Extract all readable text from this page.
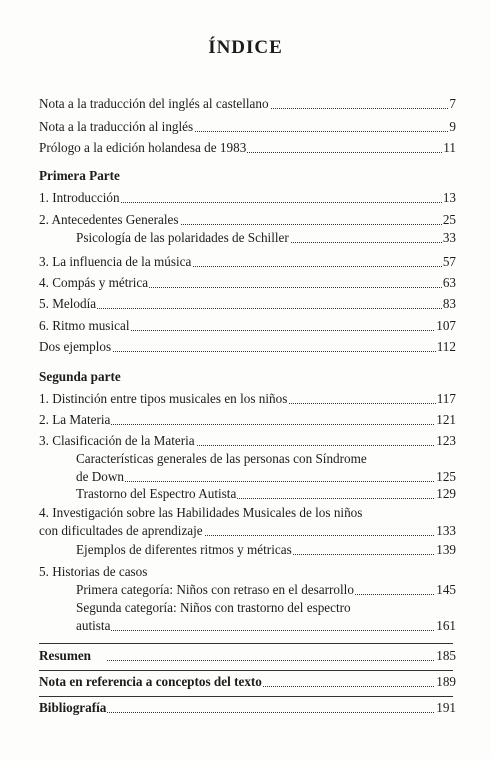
ÍNDICE
Nota a la traducción del inglés al castellano	7
Nota a la traducción al inglés	9
Prólogo a la edición holandesa de 1983	11
Primera Parte
1. Introducción	13
2. Antecedentes Generales	25
Psicología de las polaridades de Schiller	33
3. La influencia de la música	57
4. Compás y métrica	63
5. Melodía	83
6. Ritmo musical	107
Dos ejemplos	112
Segunda parte
1. Distinción entre tipos musicales en los niños	117
2. La Materia	121
3. Clasificación de la Materia	123
Características generales de las personas con Síndrome
de Down	125
Trastorno del Espectro Autista	129
4. Investigación sobre las Habilidades Musicales de los niños
con dificultades de aprendizaje	133
Ejemplos de diferentes ritmos y métricas	139
5. Historias de casos
Primera categoría: Niños con retraso en el desarrollo	145
Segunda categoría: Niños con trastorno del espectro
autista	161
Resumen	185
Nota en referencia a conceptos del texto	189
Bibliografía	191
